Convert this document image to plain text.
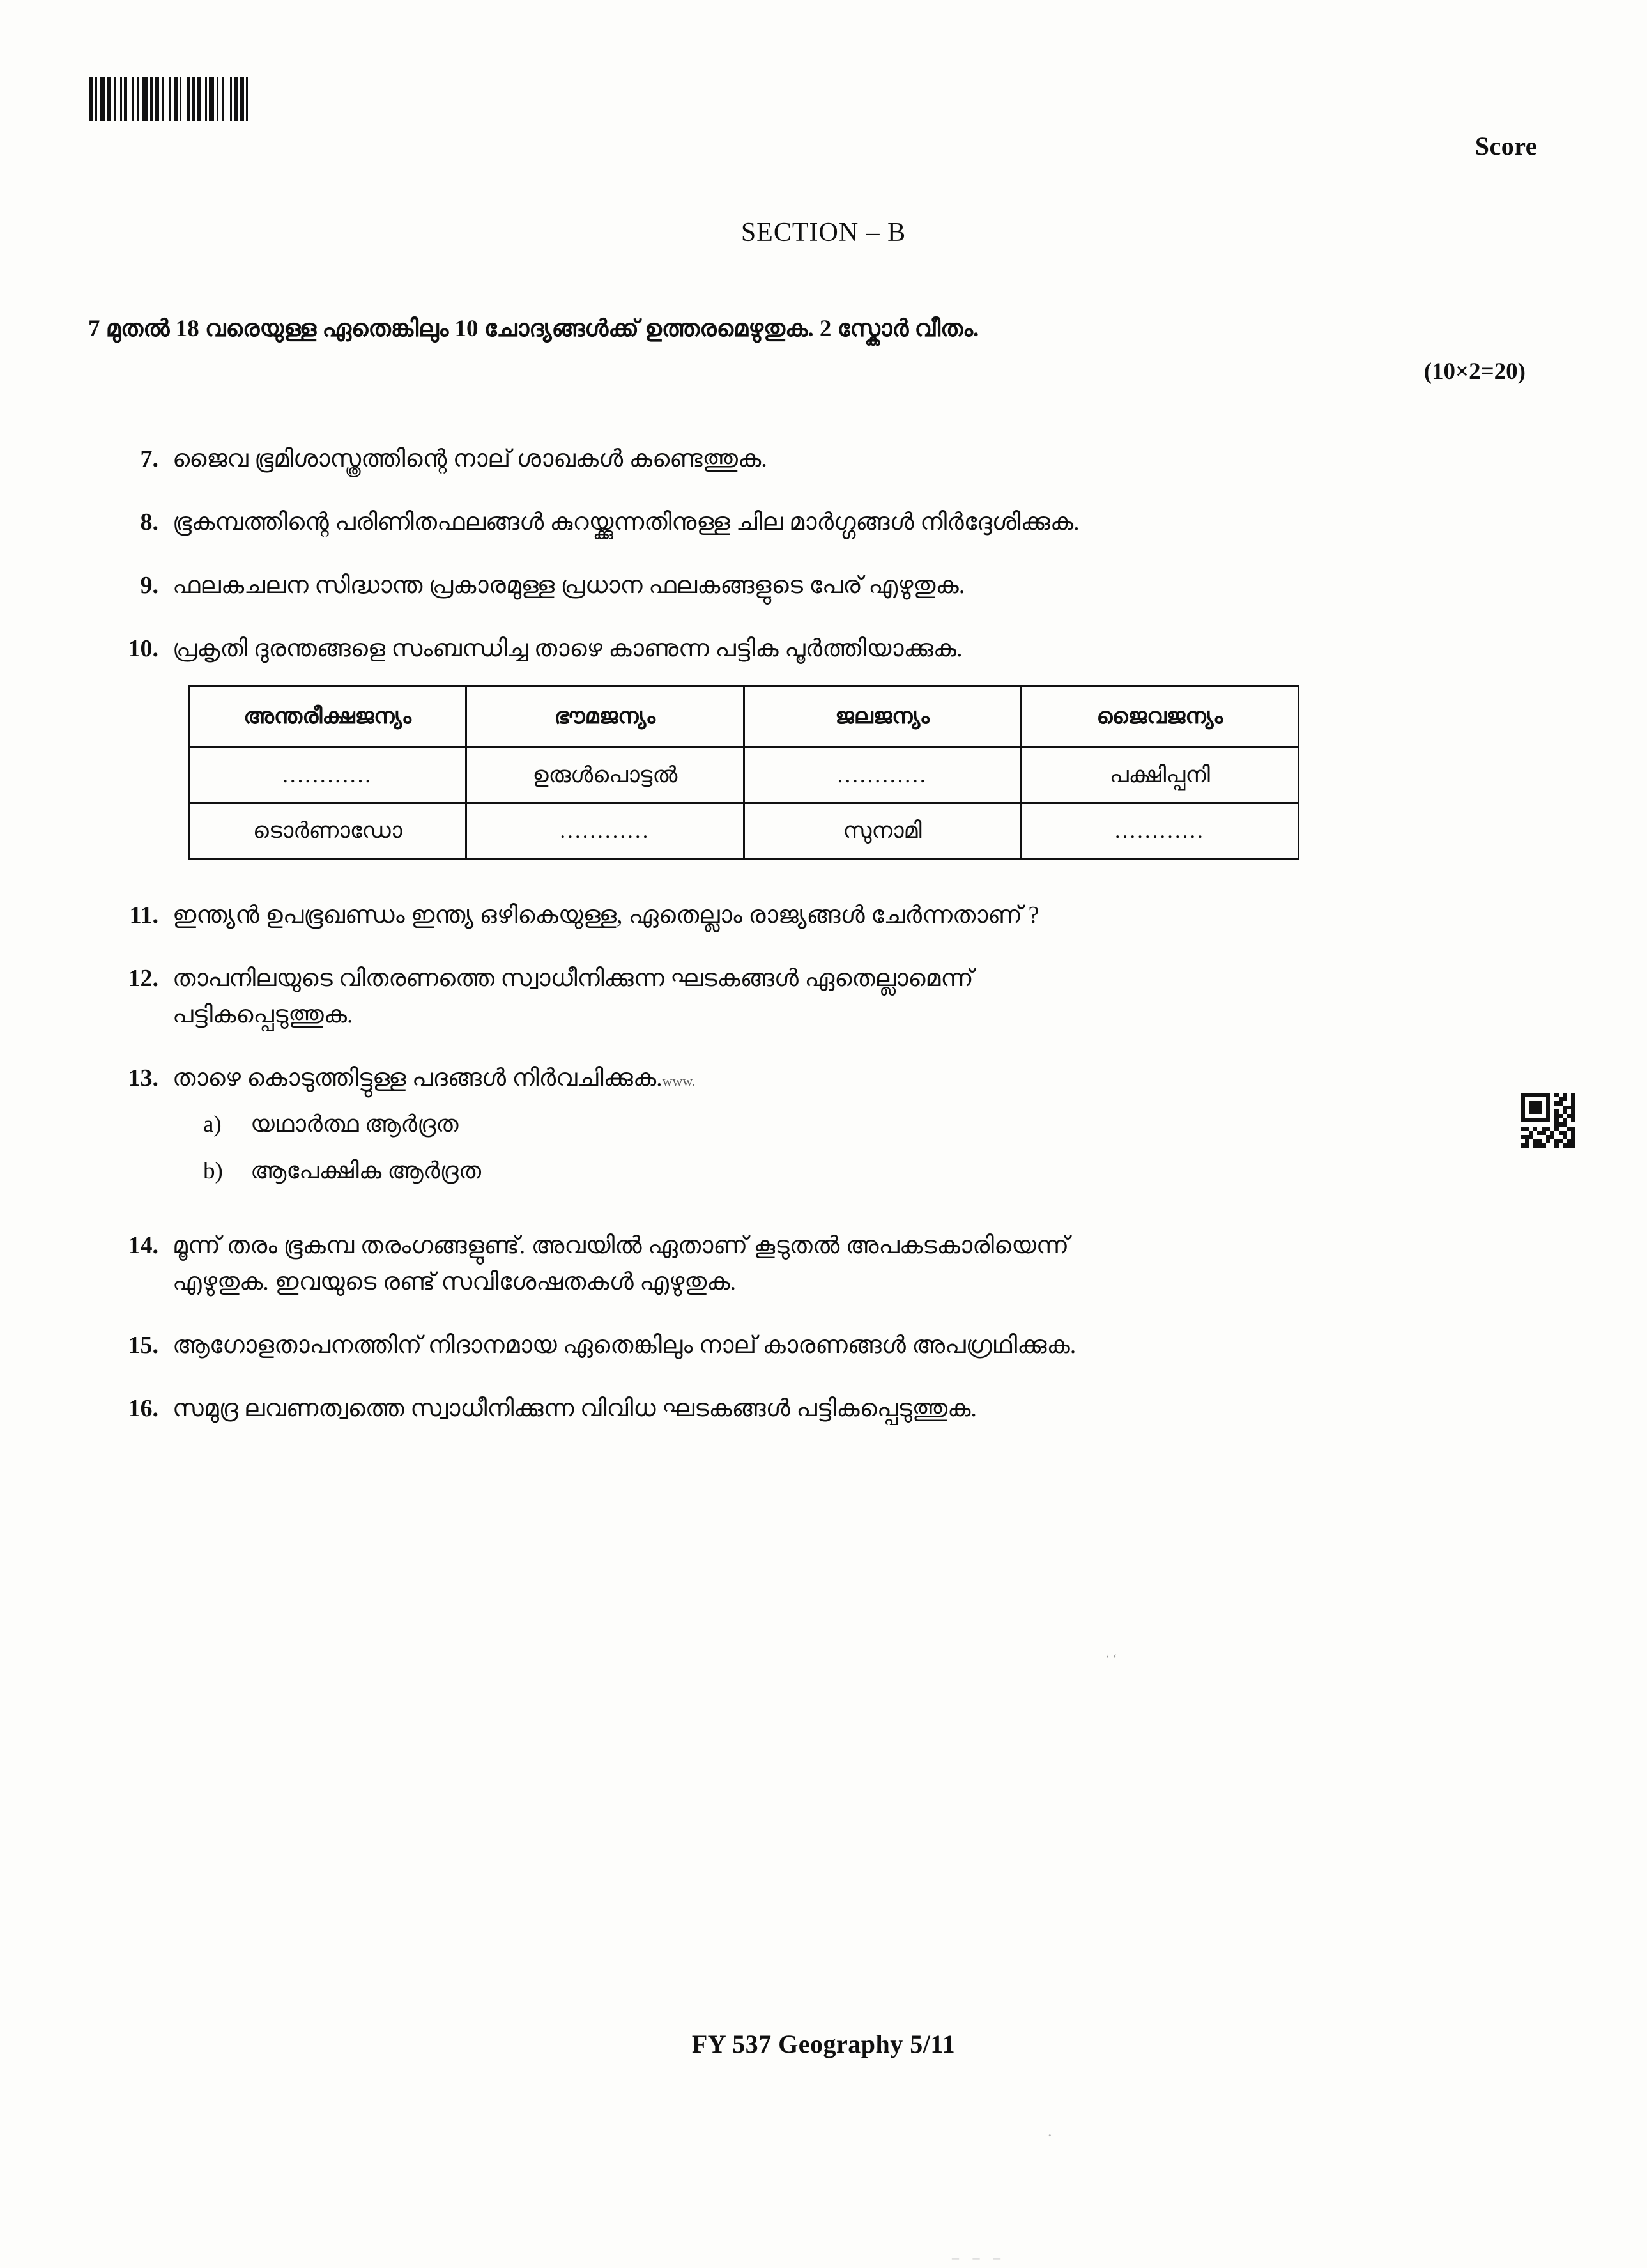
Score
SECTION – B
7 മുതൽ 18 വരെയുള്ള ഏതെങ്കിലും 10 ചോദ്യങ്ങൾക്ക് ഉത്തരമെഴുതുക. 2 സ്കോർ വീതം.
(10×2=20)
7. ജൈവ ഭൂമിശാസ്ത്രത്തിന്റെ നാല് ശാഖകൾ കണ്ടെത്തുക.
8. ഭൂകമ്പത്തിന്റെ പരിണിതഫലങ്ങൾ കുറയ്ക്കുന്നതിനുള്ള ചില മാർഗ്ഗങ്ങൾ നിർദ്ദേശിക്കുക.
9. ഫലകചലന സിദ്ധാന്ത പ്രകാരമുള്ള പ്രധാന ഫലകങ്ങളുടെ പേര് എഴുതുക.
10. പ്രകൃതി ദുരന്തങ്ങളെ സംബന്ധിച്ച താഴെ കാണുന്ന പട്ടിക പൂർത്തിയാക്കുക.
അന്തരീക്ഷജന്യം	ഭൗമജന്യം	ജലജന്യം	ജൈവജന്യം
............	ഉരുൾപൊട്ടൽ	............	പക്ഷിപ്പനി
ടൊർണാഡോ	............	സുനാമി	............
11. ഇന്ത്യൻ ഉപഭൂഖണ്ഡം ഇന്ത്യ ഒഴികെയുള്ള, ഏതെല്ലാം രാജ്യങ്ങൾ ചേർന്നതാണ് ?
12. താപനിലയുടെ വിതരണത്തെ സ്വാധീനിക്കുന്ന ഘടകങ്ങൾ ഏതെല്ലാമെന്ന്
പട്ടികപ്പെടുത്തുക.
13. താഴെ കൊടുത്തിട്ടുള്ള പദങ്ങൾ നിർവചിക്കുക.www.
a)	യഥാർത്ഥ ആർദ്രത
b)	ആപേക്ഷിക ആർദ്രത
14. മൂന്ന് തരം ഭൂകമ്പ തരംഗങ്ങളുണ്ട്. അവയിൽ ഏതാണ് കൂടുതൽ അപകടകാരിയെന്ന്
എഴുതുക. ഇവയുടെ രണ്ട് സവിശേഷതകൾ എഴുതുക.
15. ആഗോളതാപനത്തിന് നിദാനമായ ഏതെങ്കിലും നാല് കാരണങ്ങൾ അപഗ്രഥിക്കുക.
16. സമുദ്ര ലവണത്വത്തെ സ്വാധീനിക്കുന്ന വിവിധ ഘടകങ്ങൾ പട്ടികപ്പെടുത്തുക.
ʻ ʻ
.
‒ ‒ ‒
FY 537 Geography 5/11
